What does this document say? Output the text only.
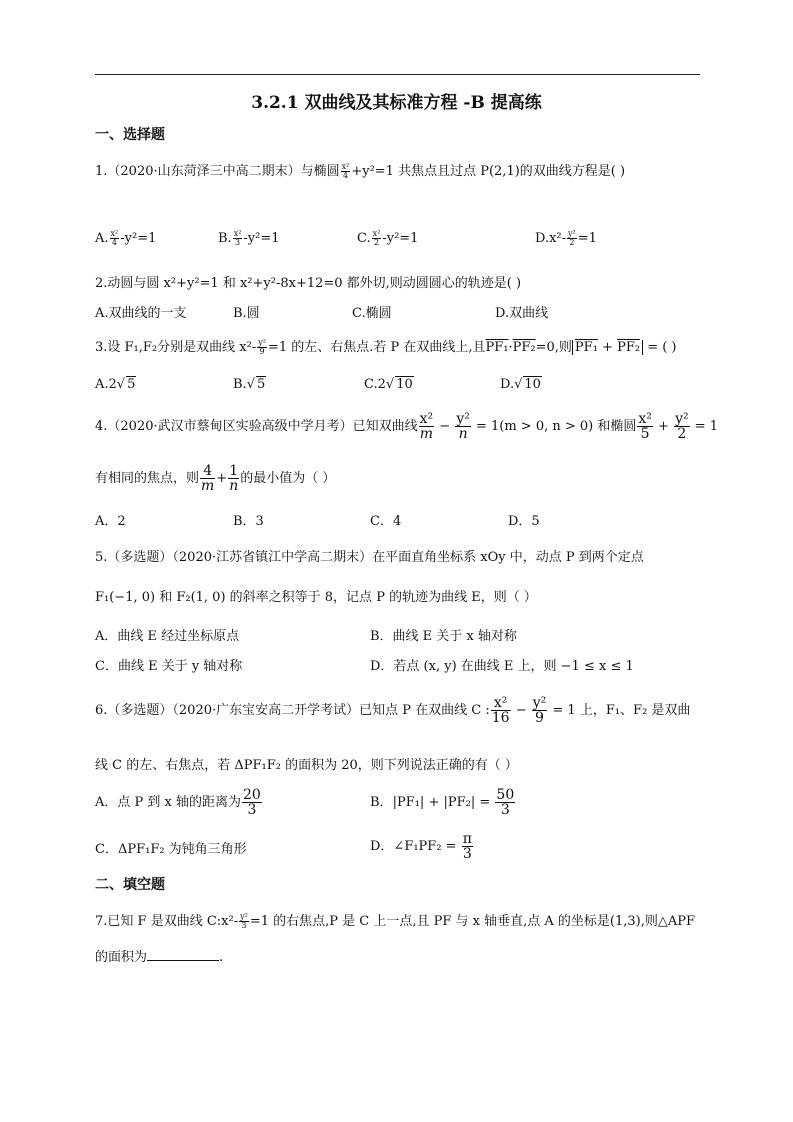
3.2.1 双曲线及其标准方程 -B 提高练
一、选择题
1.（2020·山东菏泽三中高二期末）与椭圆 $\frac{\text{x²}}{4} +y^2=1$ 共焦点且过点 P(2,1)的双曲线方程是( )
A. $\frac{\text{x²}}{4} -y^2=1$	B. $\frac{\text{x²}}{3} -y^2=1$	C. $\frac{\text{x²}}{2} -y^2=1$	$D.x^2- \frac{\text{y²}}{2} =1$
2.动圆与圆 x²+y²=1 和 x²+y²-8x+12=0 都外切,则动圆圆心的轨迹是( )
A.双曲线的一支	B.圆	C.椭圆	D.双曲线
3.设 F₁,F₂分别是双曲线 $x^2- \frac{\text{y²}}{9} =1$ 的左、右焦点.若 P 在双曲线上,且PF₁·PF₂=0,则 PF₁ + PF₂ = ( )
A.2√ 5	B.√ 5	C.2√ 10	D.√ 10
4.（2020·武汉市蔡甸区实验高级中学月考）已知双曲线 $\frac{\text{x²}}{m} - \frac{\text{y²}}{n} = 1(m > 0$, n > 0) 和椭圆 $\frac{\text{x²}}{5} + \frac{\text{y²}}{2} = 1$
有相同的焦点，则 $\frac{4}{m} + \frac{1}{n}$ 的最小值为（ ）
A．2	B．3	C．4	D．5
5.（多选题）（2020·江苏省镇江中学高二期末）在平面直角坐标系 xOy 中，动点 P 到两个定点
F₁(−1, 0) 和 F₂(1, 0) 的斜率之积等于 8，记点 P 的轨迹为曲线 E，则（ ）
A．曲线 E 经过坐标原点	B．曲线 E 关于 x 轴对称
C．曲线 E 关于 y 轴对称	D．若点 (x, y) 在曲线 E 上，则 −1 ≤ x ≤ 1
6.（多选题）（2020·广东宝安高二开学考试）已知点 P 在双曲线 C : $\frac{\text{x²}}{16} - \frac{\text{y²}}{9} = 1$ 上，F₁、F₂ 是双曲
线 C 的左、右焦点，若 ΔPF₁F₂ 的面积为 20，则下列说法正确的有（ ）
A．点 P 到 x 轴的距离为 $\frac{20}{3}$	B．$|PF_1| + |PF_2| = \frac{50}{3}$
C．ΔPF₁F₂ 为钝角三角形	D．∠F₁PF₂ = $\frac{\pi}{3}$
二、填空题
7.已知 F 是双曲线 C:x²- $\frac{\text{y²}}{3} =1$ 的右焦点,P 是 C 上一点,且 PF 与 x 轴垂直,点 A 的坐标是(1,3),则△APF
的面积为	.
